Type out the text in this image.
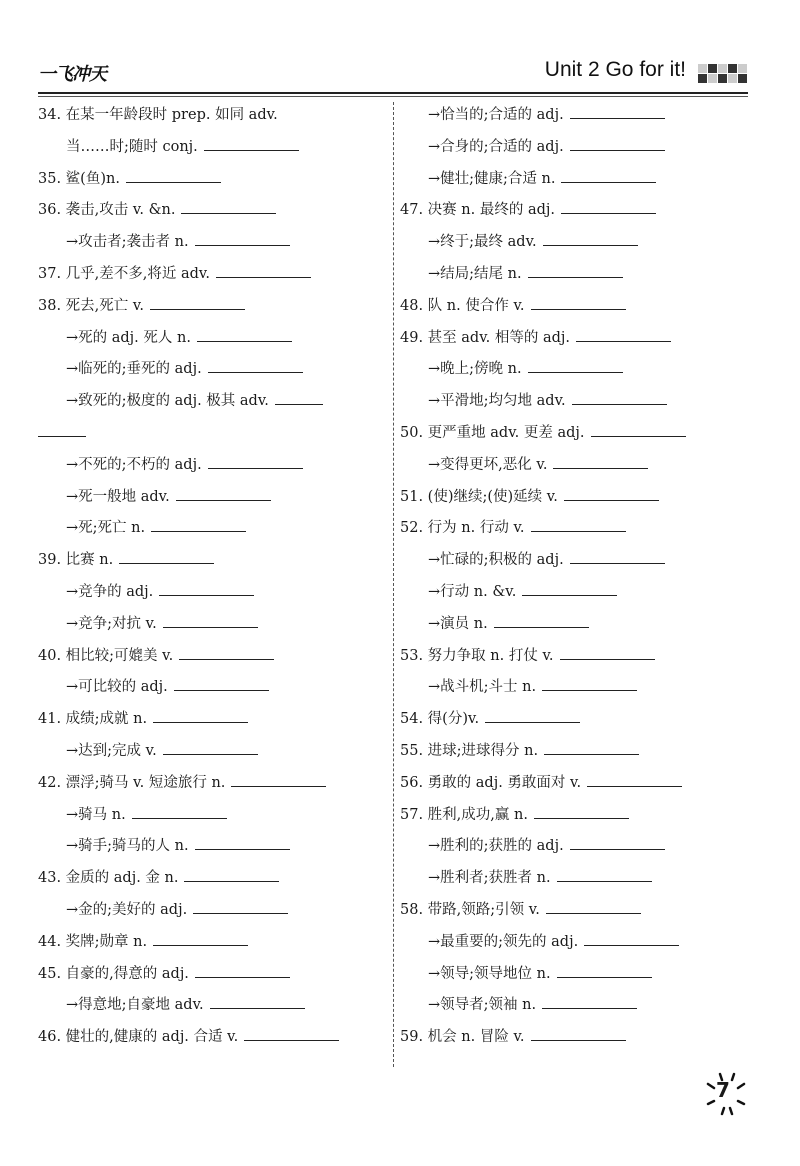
一飞冲天	Unit 2 Go for it!
34. 在某一年龄段时 prep. 如同 adv.
当……时;随时 conj.
35. 鲨(鱼)n.
36. 袭击,攻击 v. &n.
→攻击者;袭击者 n.
37. 几乎,差不多,将近 adv.
38. 死去,死亡 v.
→死的 adj. 死人 n.
→临死的;垂死的 adj.
→致死的;极度的 adj. 极其 adv.
→不死的;不朽的 adj.
→死一般地 adv.
→死;死亡 n.
39. 比赛 n.
→竞争的 adj.
→竞争;对抗 v.
40. 相比较;可媲美 v.
→可比较的 adj.
41. 成绩;成就 n.
→达到;完成 v.
42. 漂浮;骑马 v. 短途旅行 n.
→骑马 n.
→骑手;骑马的人 n.
43. 金质的 adj. 金 n.
→金的;美好的 adj.
44. 奖牌;勋章 n.
45. 自豪的,得意的 adj.
→得意地;自豪地 adv.
46. 健壮的,健康的 adj. 合适 v.
→恰当的;合适的 adj.
→合身的;合适的 adj.
→健壮;健康;合适 n.
47. 决赛 n. 最终的 adj.
→终于;最终 adv.
→结局;结尾 n.
48. 队 n. 使合作 v.
49. 甚至 adv. 相等的 adj.
→晚上;傍晚 n.
→平滑地;均匀地 adv.
50. 更严重地 adv. 更差 adj.
→变得更坏,恶化 v.
51. (使)继续;(使)延续 v.
52. 行为 n. 行动 v.
→忙碌的;积极的 adj.
→行动 n. &v.
→演员 n.
53. 努力争取 n. 打仗 v.
→战斗机;斗士 n.
54. 得(分)v.
55. 进球;进球得分 n.
56. 勇敢的 adj. 勇敢面对 v.
57. 胜利,成功,赢 n.
→胜利的;获胜的 adj.
→胜利者;获胜者 n.
58. 带路,领路;引领 v.
→最重要的;领先的 adj.
→领导;领导地位 n.
→领导者;领袖 n.
59. 机会 n. 冒险 v.
7
